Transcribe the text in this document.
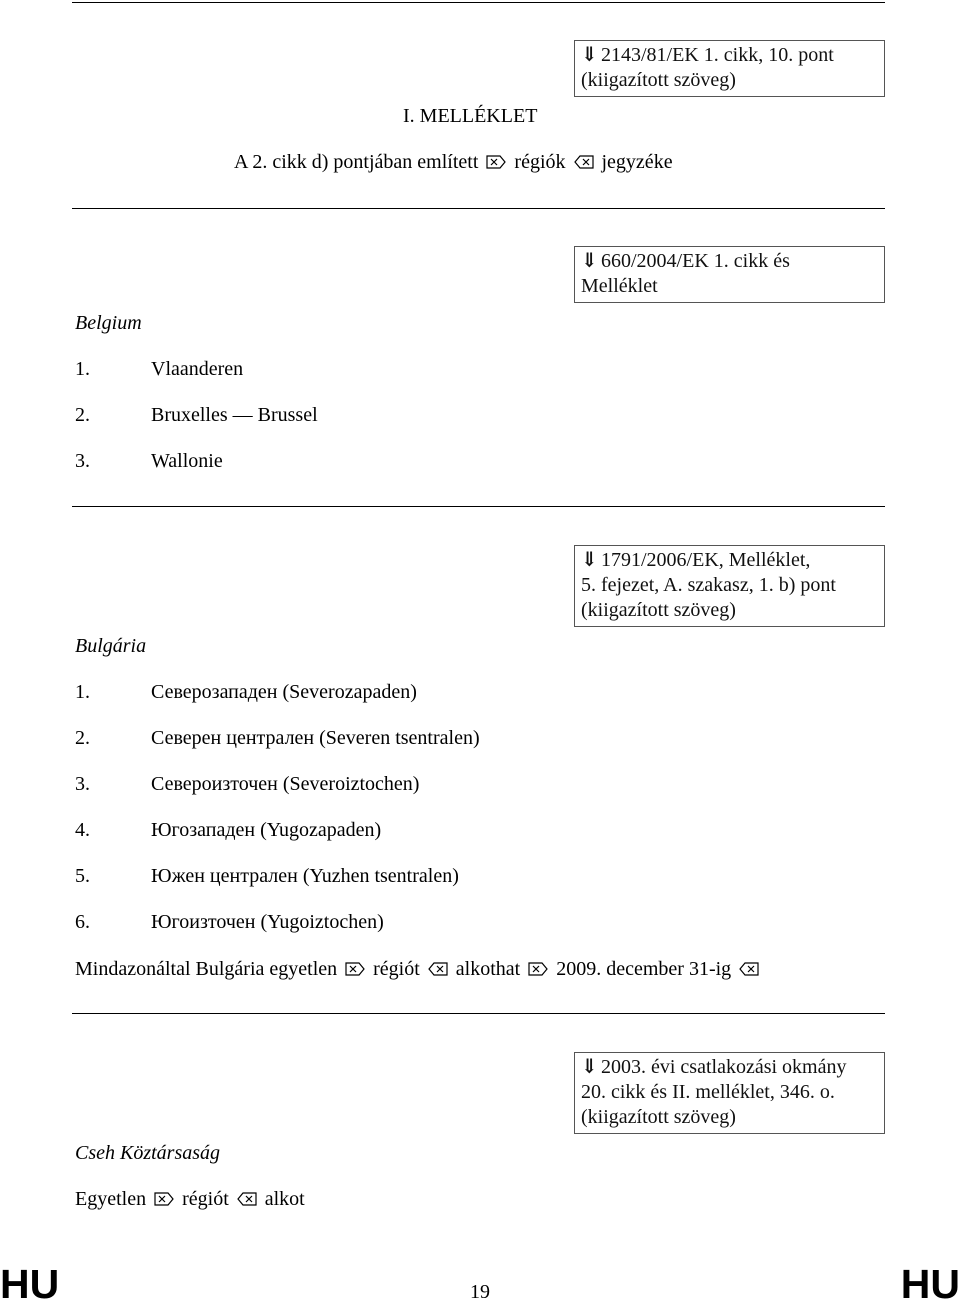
⇓ 2143/81/EK 1. cikk, 10. pont
(kiigazított szöveg)
I. MELLÉKLET
A 2. cikk d) pontjában említett régiók jegyzéke
⇓ 660/2004/EK 1. cikk és
Melléklet
Belgium
1.	Vlaanderen
2.	Bruxelles — Brussel
3.	Wallonie
⇓ 1791/2006/EK, Melléklet,
5. fejezet, A. szakasz, 1. b) pont
(kiigazított szöveg)
Bulgária
1.	Северозападен (Severozapaden)
2.	Северен централен (Severen tsentralen)
3.	Североизточен (Severoiztochen)
4.	Югозападен (Yugozapaden)
5.	Южен централен (Yuzhen tsentralen)
6.	Югоизточен (Yugoiztochen)
Mindazonáltal Bulgária egyetlen régiót alkothat 2009. december 31-ig
⇓ 2003. évi csatlakozási okmány
20. cikk és II. melléklet, 346. o.
(kiigazított szöveg)
Cseh Köztársaság
Egyetlen régiót alkot
HU	19	HU
